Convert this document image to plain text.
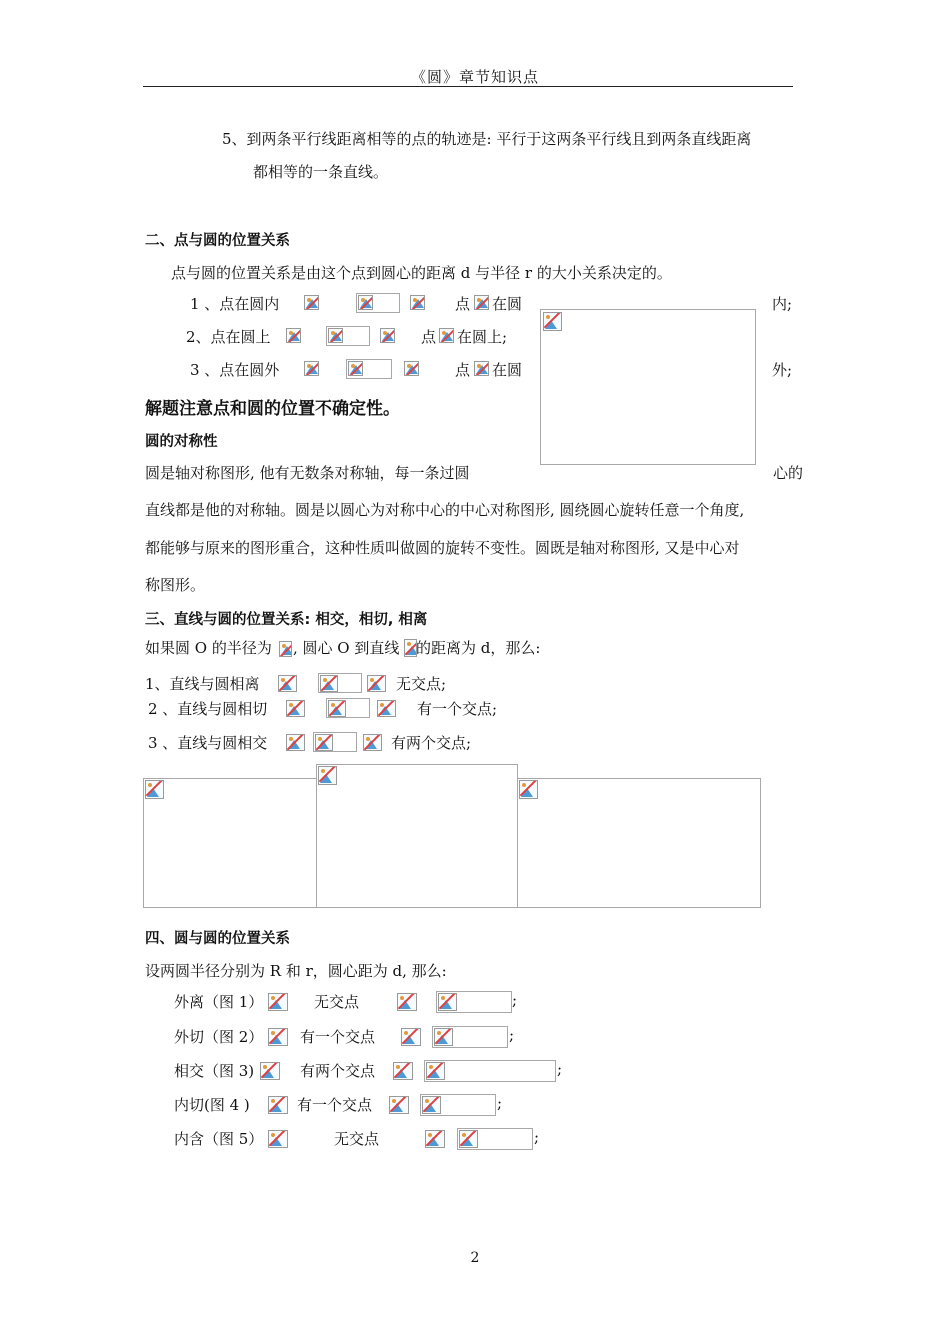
《圆》章节知识点
5、到两条平行线距离相等的点的轨迹是: 平行于这两条平行线且到两条直线距离
都相等的一条直线。
二、点与圆的位置关系
点与圆的位置关系是由这个点到圆心的距离 d 与半径 r 的大小关系决定的。
1 、点在圆内	点 在圆	内;
2、点在圆上	点 在圆上;
3 、点在圆外	点 在圆	外;
解题注意点和圆的位置不确定性。
圆的对称性
圆是轴对称图形, 他有无数条对称轴，每一条过圆	心的
直线都是他的对称轴。圆是以圆心为对称中心的中心对称图形, 圆绕圆心旋转任意一个角度,
都能够与原来的图形重合，这种性质叫做圆的旋转不变性。圆既是轴对称图形, 又是中心对
称图形。
三、直线与圆的位置关系: 相交，相切, 相离
如果圆 O 的半径为 , 圆心 O 到直线 的距离为 d，那么:
1、直线与圆相离	无交点;
2 、直线与圆相切	有一个交点;
3 、直线与圆相交	有两个交点;
四、圆与圆的位置关系
设两圆半径分别为 R 和 r，圆心距为 d, 那么:
外离（图 1）	无交点	;
外切（图 2） 有一个交点	;
相交（图 3)	有两个交点	;
内切(图 4 )	有一个交点	;
内含（图 5）	无交点	;
2
